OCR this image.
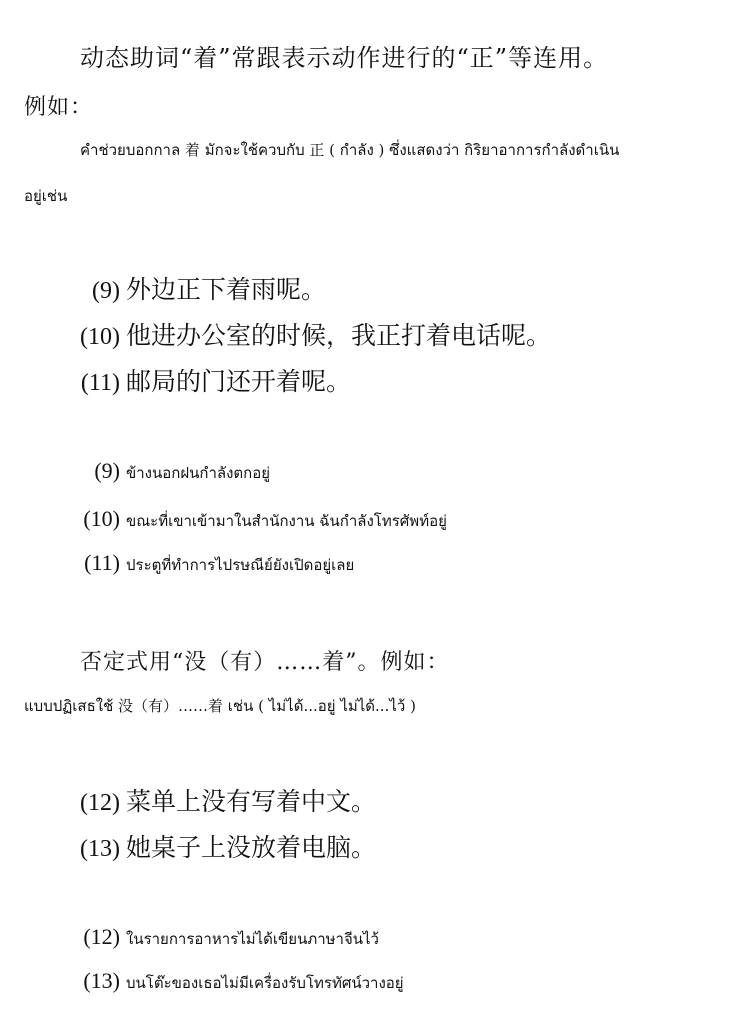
动态助词“着”常跟表示动作进行的“正”等连用。
例如：
คำช่วยบอกกาล 着 มักจะใช้ควบกับ 正 ( กำลัง ) ซึ่งแสดงว่า กิริยาอาการกำลังดำเนิน
อยู่เช่น
(9) 外边正下着雨呢。
(10) 他进办公室的时候，我正打着电话呢。
(11) 邮局的门还开着呢。
(9) ข้างนอกฝนกำลังตกอยู่
(10) ขณะที่เขาเข้ามาในสำนักงาน ฉันกำลังโทรศัพท์อยู่
(11) ประตูที่ทำการไปรษณีย์ยังเปิดอยู่เลย
否定式用“没（有）……着”。例如：
แบบปฏิเสธใช้ 没（有）……着 เช่น ( ไม่ได้...อยู่ ไม่ได้...ไว้ )
(12) 菜单上没有写着中文。
(13) 她桌子上没放着电脑。
(12) ในรายการอาหารไม่ได้เขียนภาษาจีนไว้
(13) บนโต๊ะของเธอไม่มีเครื่องรับโทรทัศน์วางอยู่
